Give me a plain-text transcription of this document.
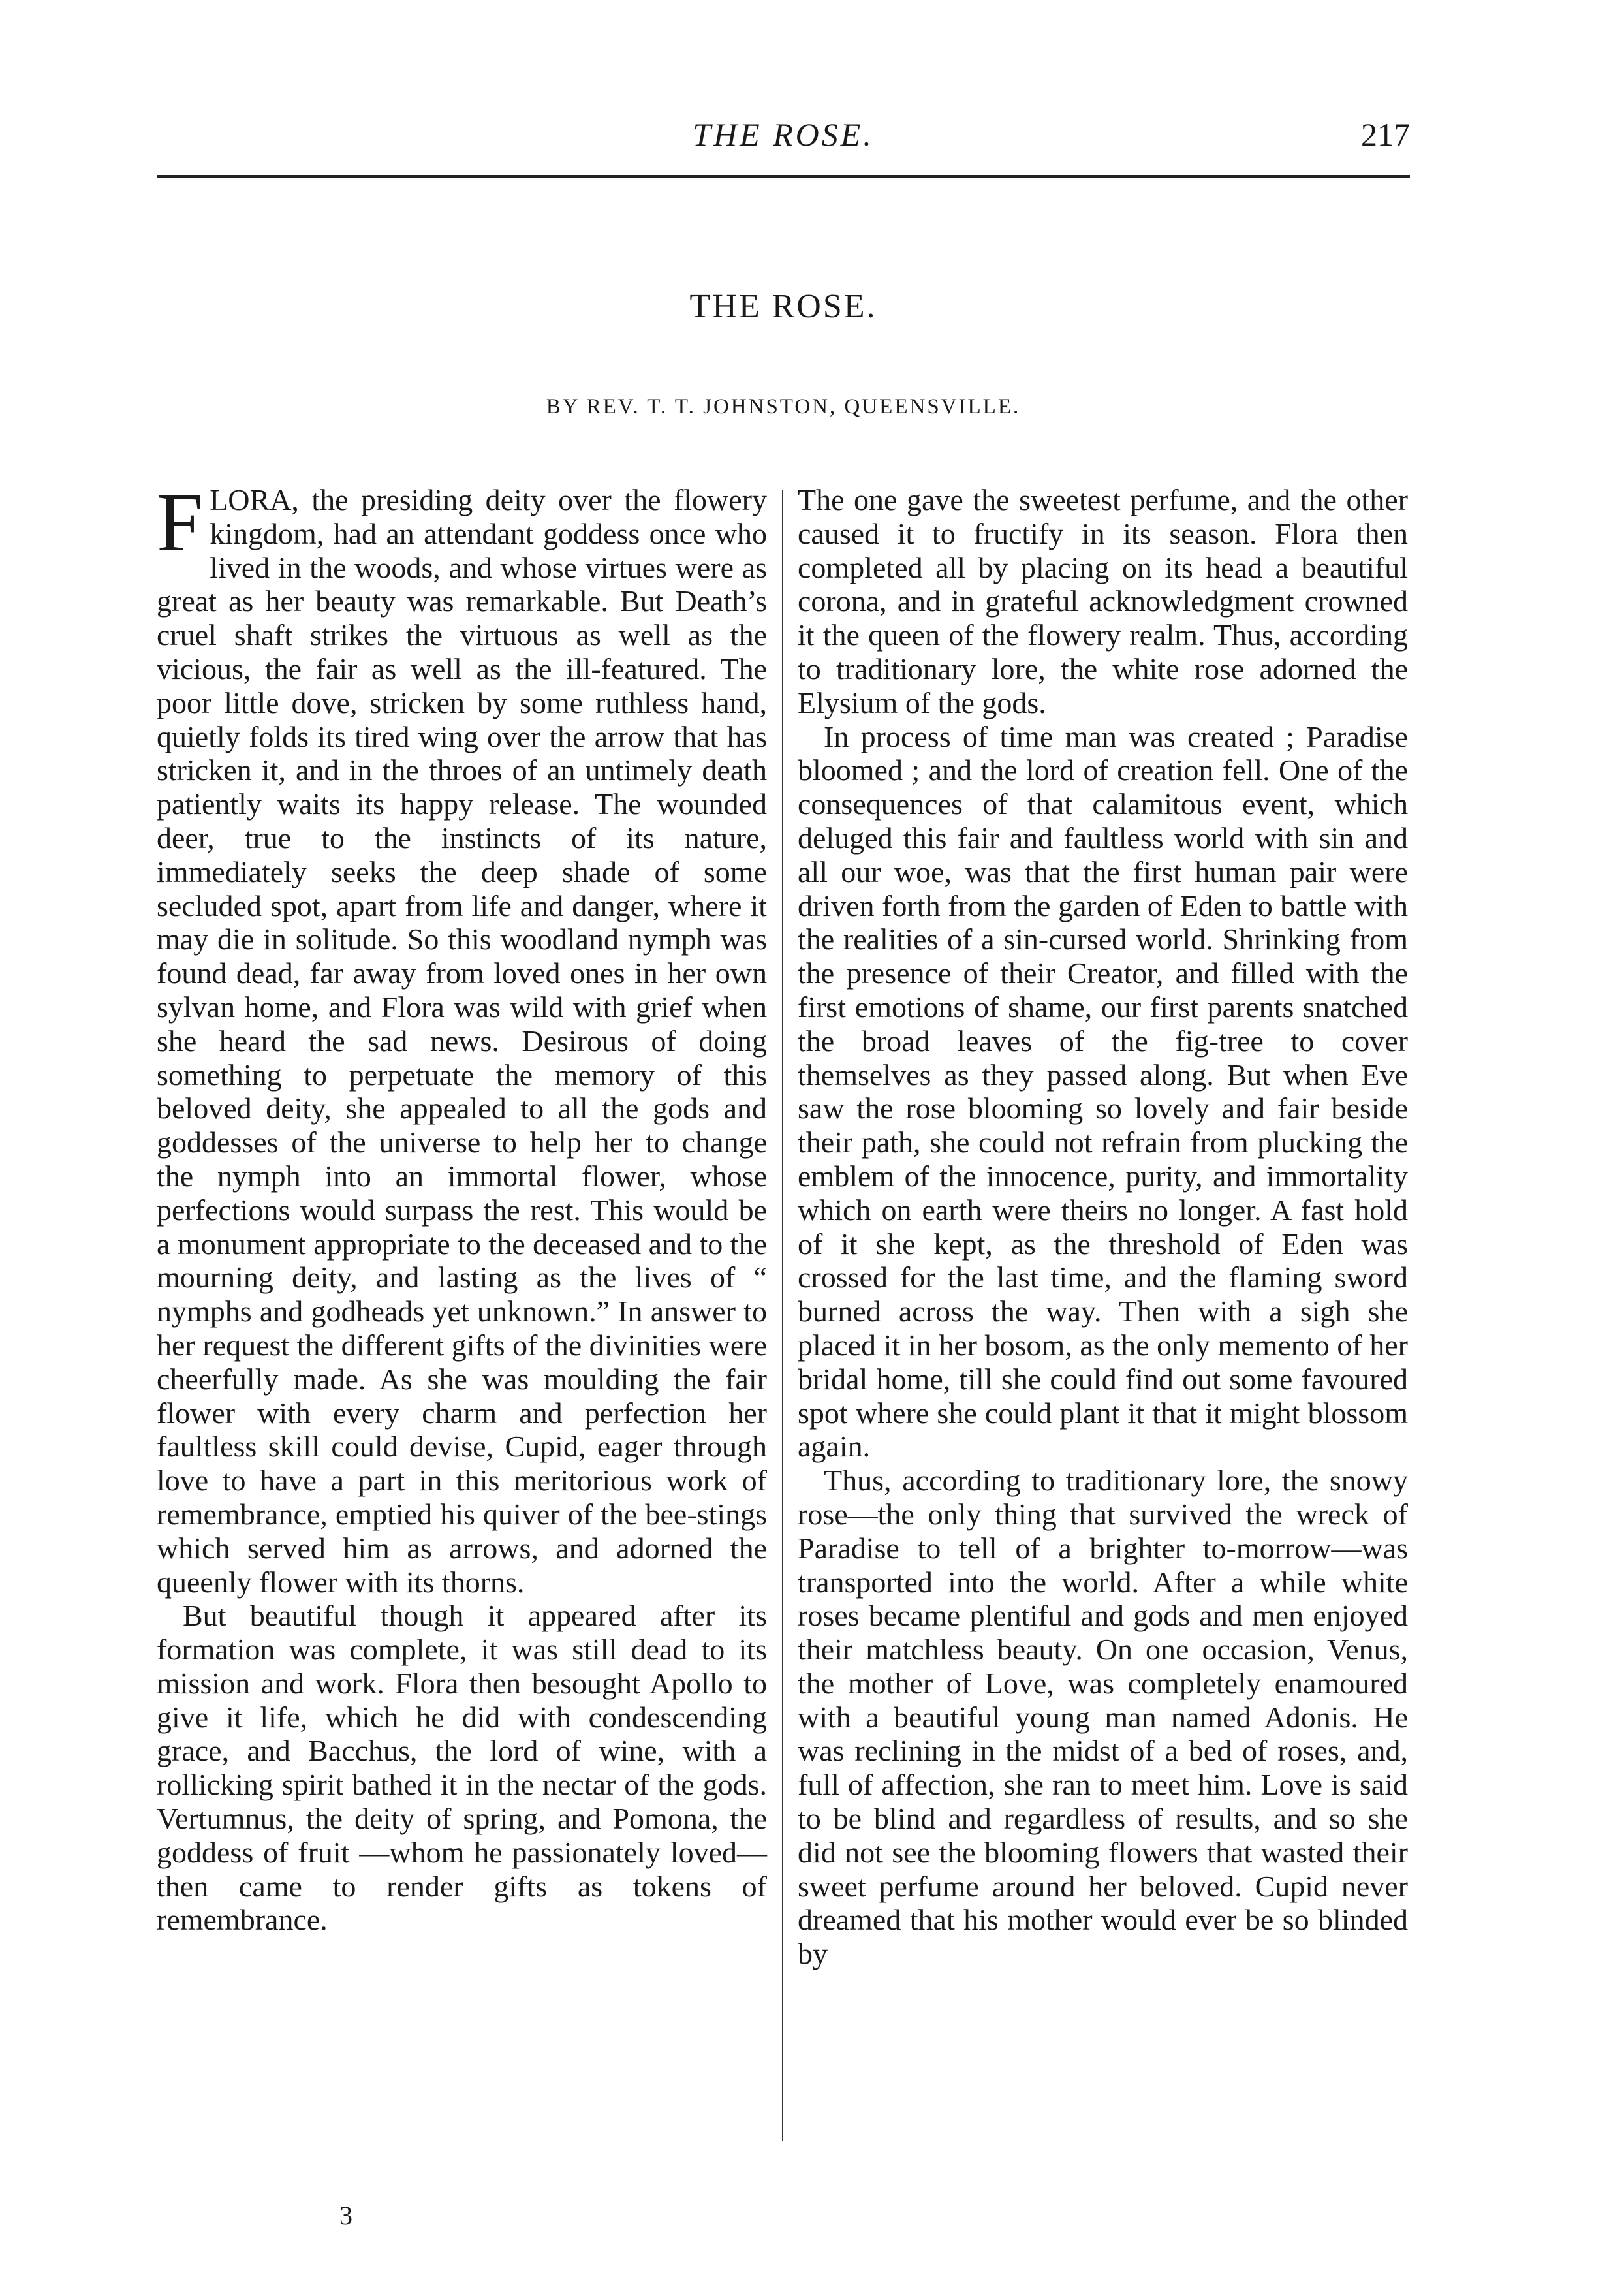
THE ROSE.	217
THE ROSE.
BY REV. T. T. JOHNSTON, QUEENSVILLE.

FLORA, the presiding deity over the flowery kingdom, had an attendant goddess once who lived in the woods, and whose virtues were as great as her beauty was remarkable. But Death’s cruel shaft strikes the virtuous as well as the vicious, the fair as well as the ill-featured. The poor little dove, stricken by some ruthless hand, quietly folds its tired wing over the arrow that has stricken it, and in the throes of an untimely death patiently waits its happy release. The wounded deer, true to the instincts of its nature, immediately seeks the deep shade of some secluded spot, apart from life and danger, where it may die in solitude. So this woodland nymph was found dead, far away from loved ones in her own sylvan home, and Flora was wild with grief when she heard the sad news. Desirous of doing something to perpetuate the memory of this beloved deity, she appealed to all the gods and goddesses of the universe to help her to change the nymph into an immortal flower, whose perfections would surpass the rest. This would be a monument appropriate to the deceased and to the mourning deity, and lasting as the lives of “ nymphs and godheads yet unknown.” In answer to her request the different gifts of the divinities were cheerfully made. As she was moulding the fair flower with every charm and perfection her faultless skill could devise, Cupid, eager through love to have a part in this meritorious work of remembrance, emptied his quiver of the bee-stings which served him as arrows, and adorned the queenly flower with its thorns.

But beautiful though it appeared after its formation was complete, it was still dead to its mission and work. Flora then besought Apollo to give it life, which he did with condescending grace, and Bacchus, the lord of wine, with a rollicking spirit bathed it in the nectar of the gods. Vertumnus, the deity of spring, and Pomona, the goddess of fruit —whom he passionately loved—then came to render gifts as tokens of remembrance.

The one gave the sweetest perfume, and the other caused it to fructify in its season. Flora then completed all by placing on its head a beautiful corona, and in grateful acknowledgment crowned it the queen of the flowery realm. Thus, according to traditionary lore, the white rose adorned the Elysium of the gods.

In process of time man was created ; Paradise bloomed ; and the lord of creation fell. One of the consequences of that calamitous event, which deluged this fair and faultless world with sin and all our woe, was that the first human pair were driven forth from the garden of Eden to battle with the realities of a sin-cursed world. Shrinking from the presence of their Creator, and filled with the first emotions of shame, our first parents snatched the broad leaves of the fig-tree to cover themselves as they passed along. But when Eve saw the rose blooming so lovely and fair beside their path, she could not refrain from plucking the emblem of the innocence, purity, and immortality which on earth were theirs no longer. A fast hold of it she kept, as the threshold of Eden was crossed for the last time, and the flaming sword burned across the way. Then with a sigh she placed it in her bosom, as the only memento of her bridal home, till she could find out some favoured spot where she could plant it that it might blossom again.

Thus, according to traditionary lore, the snowy rose—the only thing that survived the wreck of Paradise to tell of a brighter to-morrow—was transported into the world. After a while white roses became plentiful and gods and men enjoyed their matchless beauty. On one occasion, Venus, the mother of Love, was completely enamoured with a beautiful young man named Adonis. He was reclining in the midst of a bed of roses, and, full of affection, she ran to meet him. Love is said to be blind and regardless of results, and so she did not see the blooming flowers that wasted their sweet perfume around her beloved. Cupid never dreamed that his mother would ever be so blinded by

3
